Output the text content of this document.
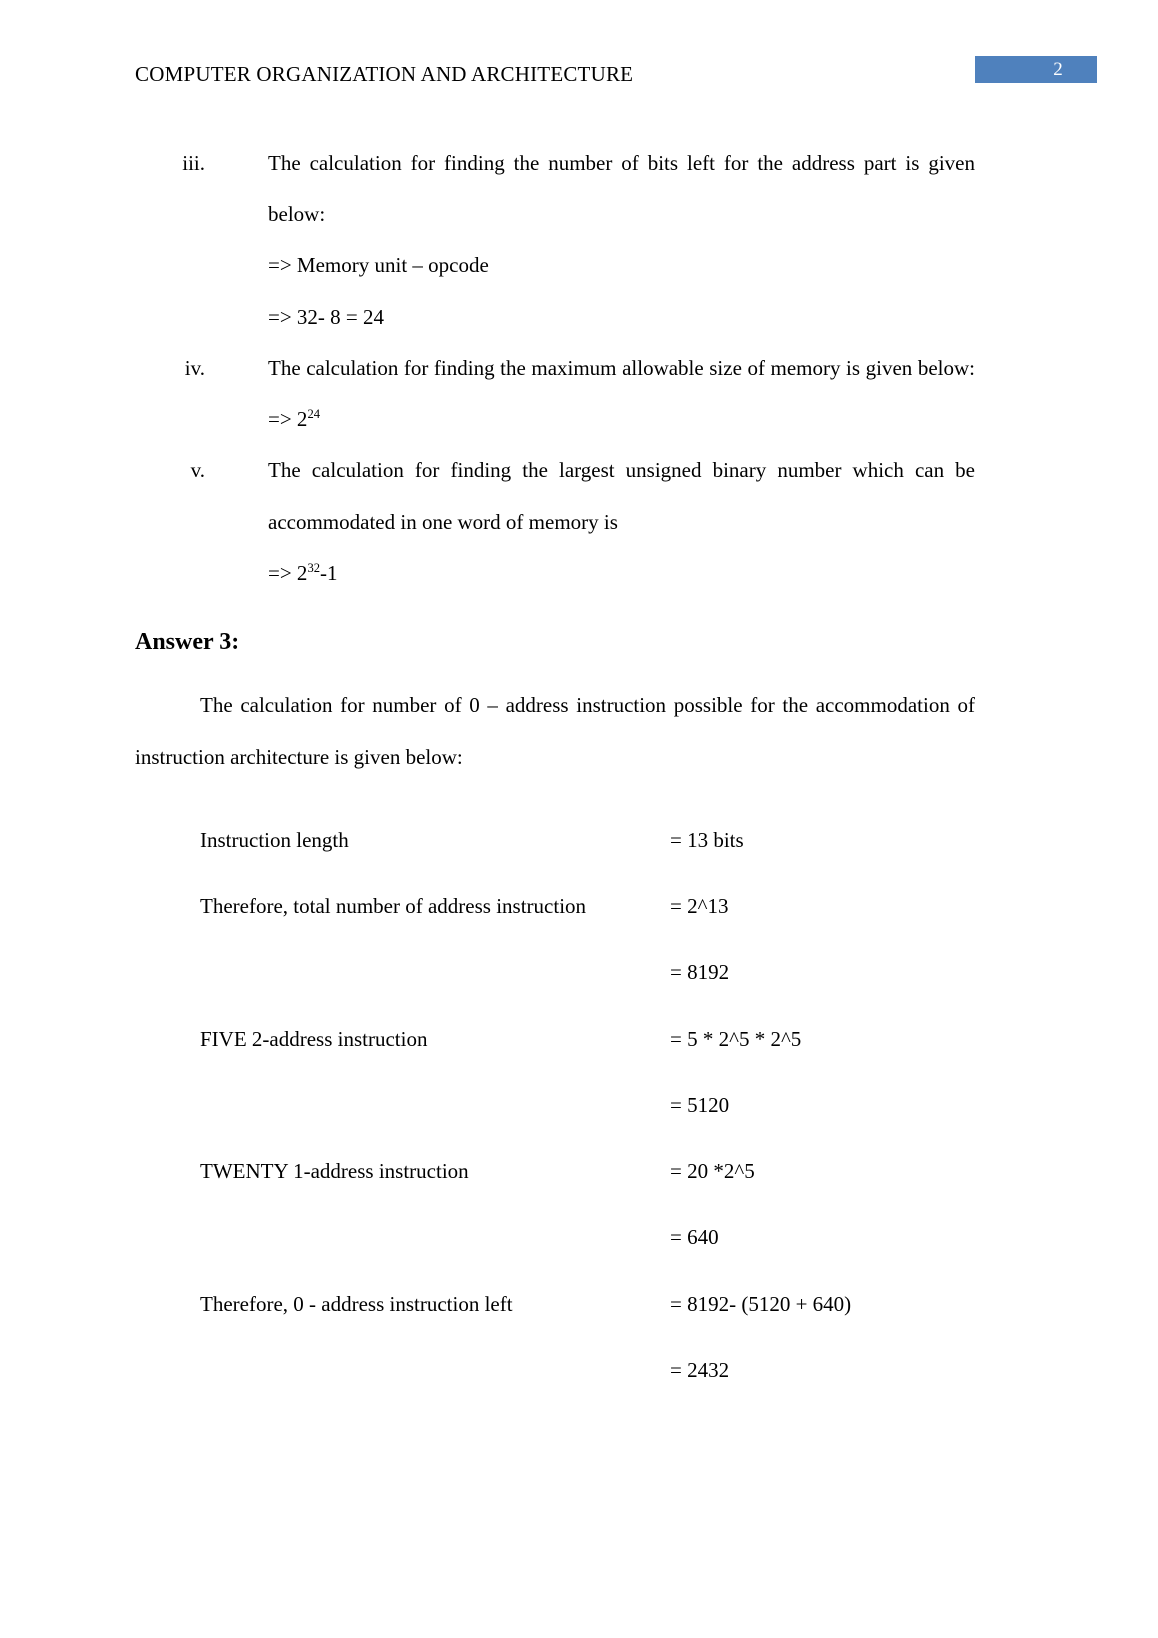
COMPUTER ORGANIZATION AND ARCHITECTURE	2
iii.	The calculation for finding the number of bits left for the address part is given below:

=> Memory unit – opcode

=> 32- 8 = 24

iv.	The calculation for finding the maximum allowable size of memory is given below: => $2^{24}$

v.	The calculation for finding the largest unsigned binary number which can be accommodated in one word of memory is

=> $2^{32}-1$

Answer 3:

The calculation for number of 0 – address instruction possible for the accommodation of instruction architecture is given below:

Instruction length	= 13 bits
Therefore, total number of address instruction	= 2^13
= 8192
FIVE 2-address instruction	= 5 * 2^5 * 2^5
= 5120
TWENTY 1-address instruction	= 20 *2^5
= 640
Therefore, 0 - address instruction left	= 8192- (5120 + 640)
= 2432
